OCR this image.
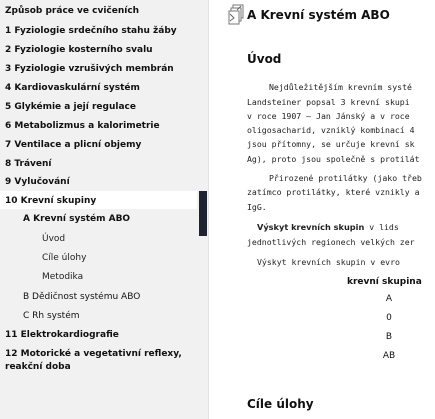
Způsob práce ve cvičeních
1 Fyziologie srdečního stahu žáby
2 Fyziologie kosterního svalu
3 Fyziologie vzrušivých membrán
4 Kardiovaskulární systém
5 Glykémie a její regulace
6 Metabolizmus a kalorimetrie
7 Ventilace a plicní objemy
8 Trávení
9 Vylučování
10 Krevní skupiny
A Krevní systém ABO
Úvod
Cíle úlohy
Metodika
B Dědičnost systému ABO
C Rh systém
11 Elektrokardiografie
12 Motorické a vegetativní reflexy,
reakční doba
A Krevní systém ABO
Úvod
Nejdůležitějším krevním systé
Landsteiner popsal 3 krevní skupi
v roce 1907 – Jan Jánský a v roce
oligosacharid, vzniklý kombinací 4
jsou přítomny, se určuje krevní sk
Ag), proto jsou společně s protilát
Přirozené protilátky (jako třeb
zatímco protilátky, které vznikly a
IgG.
Výskyt krevních skupin v lids
jednotlivých regionech velkých zer
Výskyt krevních skupin v evro
krevní skupina
A
0
B
AB
Cíle úlohy
